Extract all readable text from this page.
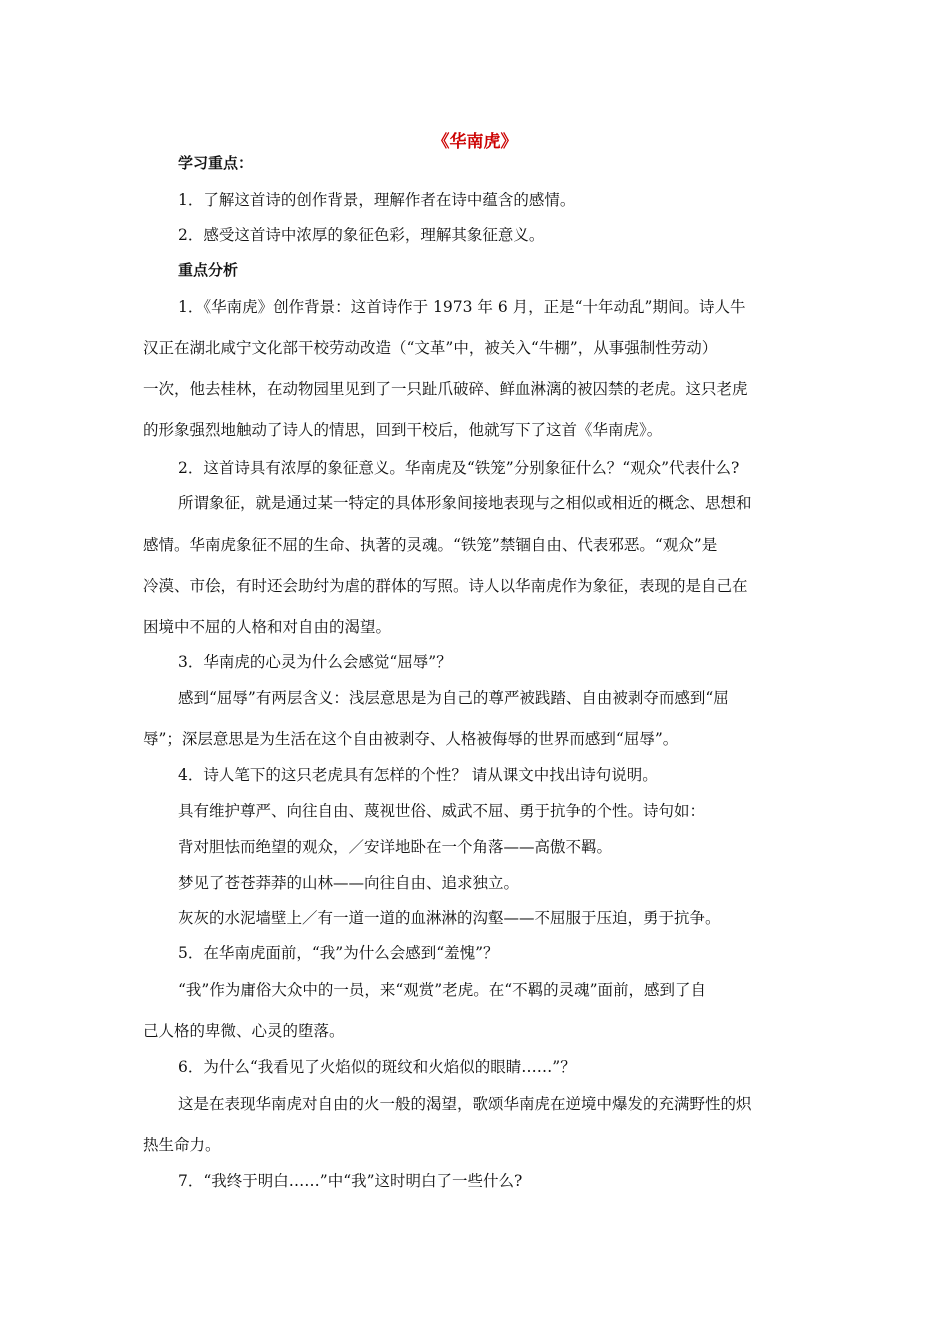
《华南虎》
学习重点：
1．了解这首诗的创作背景，理解作者在诗中蕴含的感情。
2．感受这首诗中浓厚的象征色彩，理解其象征意义。
重点分析
1．《华南虎》创作背景：这首诗作于 1973 年 6 月，正是“十年动乱”期间。诗人牛
汉正在湖北咸宁文化部干校劳动改造（“文革”中，被关入“牛棚”，从事强制性劳动）
一次，他去桂林，在动物园里见到了一只趾爪破碎、鲜血淋漓的被囚禁的老虎。这只老虎
的形象强烈地触动了诗人的情思，回到干校后，他就写下了这首《华南虎》。
2．这首诗具有浓厚的象征意义。华南虎及“铁笼”分别象征什么？“观众”代表什么?
所谓象征，就是通过某一特定的具体形象间接地表现与之相似或相近的概念、思想和
感情。华南虎象征不屈的生命、执著的灵魂。“铁笼”禁锢自由、代表邪恶。“观众”是
冷漠、市侩，有时还会助纣为虐的群体的写照。诗人以华南虎作为象征，表现的是自己在
困境中不屈的人格和对自由的渴望。
3．华南虎的心灵为什么会感觉“屈辱”？
感到“屈辱”有两层含义：浅层意思是为自己的尊严被践踏、自由被剥夺而感到“屈
辱”；深层意思是为生活在这个自由被剥夺、人格被侮辱的世界而感到“屈辱”。
4．诗人笔下的这只老虎具有怎样的个性？ 请从课文中找出诗句说明。
具有维护尊严、向往自由、蔑视世俗、威武不屈、勇于抗争的个性。诗句如：
背对胆怯而绝望的观众，／安详地卧在一个角落——高傲不羁。
梦见了苍苍莽莽的山林——向往自由、追求独立。
灰灰的水泥墙壁上／有一道一道的血淋淋的沟壑——不屈服于压迫，勇于抗争。
5．在华南虎面前，“我”为什么会感到“羞愧”？
“我”作为庸俗大众中的一员，来“观赏”老虎。在“不羁的灵魂”面前，感到了自
己人格的卑微、心灵的堕落。
6．为什么“我看见了火焰似的斑纹和火焰似的眼睛……”？
这是在表现华南虎对自由的火一般的渴望，歌颂华南虎在逆境中爆发的充满野性的炽
热生命力。
7．“我终于明白……”中“我”这时明白了一些什么?
